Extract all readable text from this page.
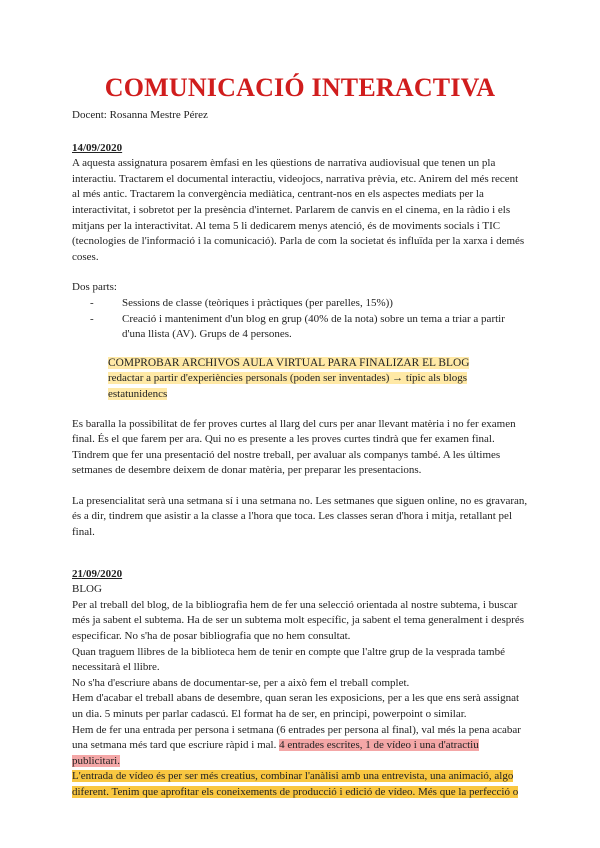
COMUNICACIÓ INTERACTIVA
Docent: Rosanna Mestre Pérez
14/09/2020

A aquesta assignatura posarem èmfasi en les qüestions de narrativa audiovisual que tenen un pla interactiu. Tractarem el documental interactiu, videojocs, narrativa prèvia, etc. Anirem del més recent al més antic. Tractarem la convergència mediàtica, centrant-nos en els aspectes mediats per la interactivitat, i sobretot per la presència d'internet. Parlarem de canvis en el cinema, en la ràdio i els mitjans per la interactivitat. Al tema 5 li dedicarem menys atenció, és de moviments socials i TIC (tecnologies de l'informació i la comunicació). Parla de com la societat és influïda per la xarxa i demés coses.

Dos parts:

-	Sessions de classe (teòriques i pràctiques (per parelles, 15%))
-	Creació i manteniment d'un blog en grup (40% de la nota) sobre un tema a triar a partir d'una llista (AV). Grups de 4 persones.
COMPROBAR ARCHIVOS AULA VIRTUAL PARA FINALIZAR EL BLOG
redactar a partir d'experiències personals (poden ser inventades) → típic als blogs estatunidencs

Es baralla la possibilitat de fer proves curtes al llarg del curs per anar llevant matèria i no fer examen final. És el que farem per ara. Qui no es presente a les proves curtes tindrà que fer examen final. Tindrem que fer una presentació del nostre treball, per avaluar als companys també. A les últimes setmanes de desembre deixem de donar matèria, per preparar les presentacions.

La presencialitat serà una setmana sí i una setmana no. Les setmanes que siguen online, no es gravaran, és a dir, tindrem que asistir a la classe a l'hora que toca. Les classes seran d'hora i mitja, retallant pel final.

21/09/2020

BLOG

Per al treball del blog, de la bibliografia hem de fer una selecció orientada al nostre subtema, i buscar més ja sabent el subtema. Ha de ser un subtema molt específic, ja sabent el tema generalment i després especificar. No s'ha de posar bibliografia que no hem consultat.

Quan traguem llibres de la biblioteca hem de tenir en compte que l'altre grup de la vesprada també necessitarà el llibre.

No s'ha d'escriure abans de documentar-se, per a això fem el treball complet.

Hem d'acabar el treball abans de desembre, quan seran les exposicions, per a les que ens serà assignat un dia. 5 minuts per parlar cadascú. El format ha de ser, en principi, powerpoint o similar.

Hem de fer una entrada per persona i setmana (6 entrades per persona al final), val més la pena acabar una setmana més tard que escriure ràpid i mal. 4 entrades escrites, 1 de vídeo i una d'atractiu publicitari.

L'entrada de vídeo és per ser més creatius, combinar l'anàlisi amb una entrevista, una animació, algo diferent. Tenim que aprofitar els coneixements de producció i edició de vídeo. Més que la perfecció o
